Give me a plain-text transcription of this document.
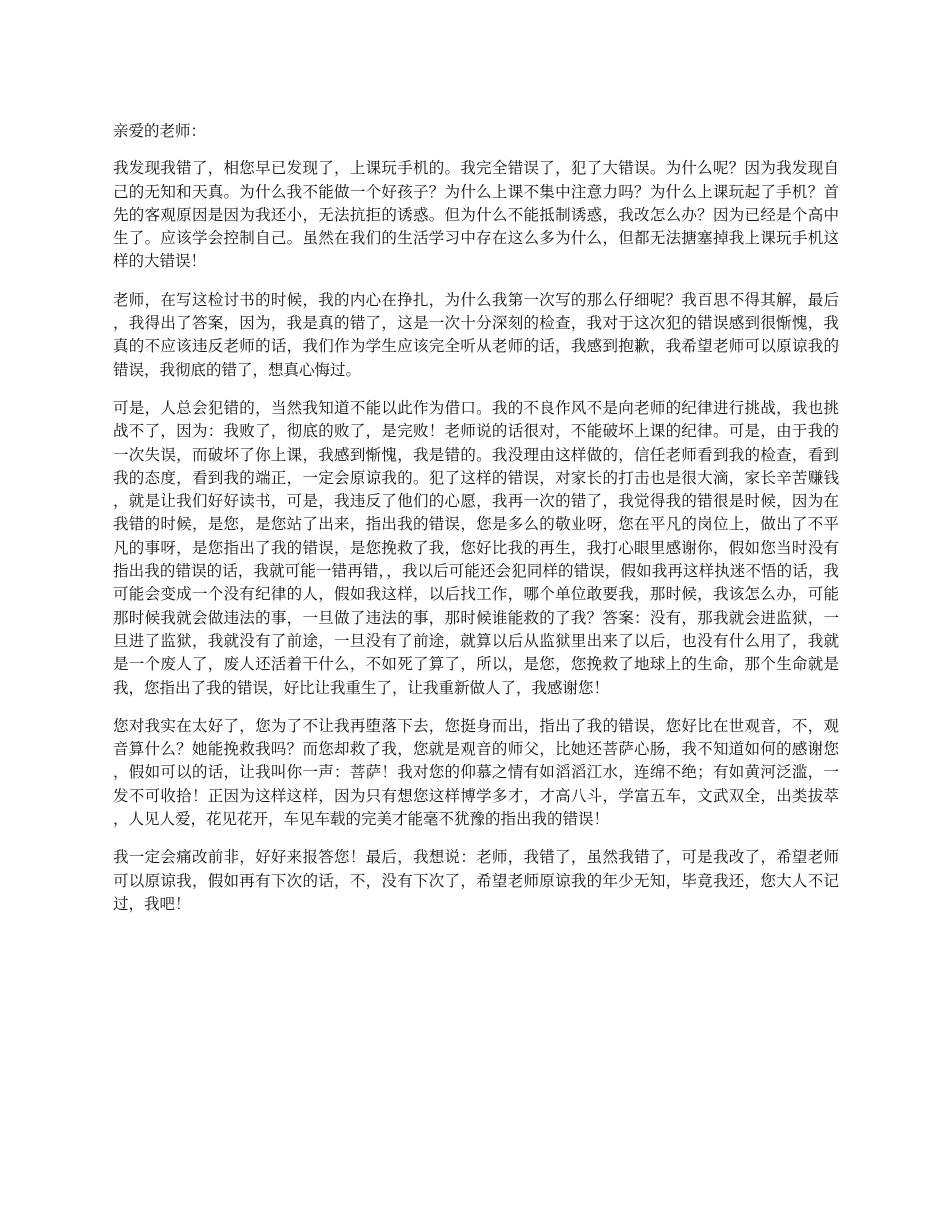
亲爱的老师：

我发现我错了，相您早已发现了，上课玩手机的。我完全错误了，犯了大错误。为什么呢？因为我发现自己的无知和天真。为什么我不能做一个好孩子？为什么上课不集中注意力吗？为什么上课玩起了手机？首先的客观原因是因为我还小，无法抗拒的诱惑。但为什么不能抵制诱惑，我改怎么办？因为已经是个高中生了。应该学会控制自己。虽然在我们的生活学习中存在这么多为什么，但都无法搪塞掉我上课玩手机这样的大错误！

老师，在写这检讨书的时候，我的内心在挣扎，为什么我第一次写的那么仔细呢？我百思不得其解，最后，我得出了答案，因为，我是真的错了，这是一次十分深刻的检查，我对于这次犯的错误感到很惭愧，我真的不应该违反老师的话，我们作为学生应该完全听从老师的话，我感到抱歉，我希望老师可以原谅我的错误，我彻底的错了，想真心悔过。

可是，人总会犯错的，当然我知道不能以此作为借口。我的不良作风不是向老师的纪律进行挑战，我也挑战不了，因为：我败了，彻底的败了，是完败！老师说的话很对，不能破坏上课的纪律。可是，由于我的一次失误，而破坏了你上课，我感到惭愧，我是错的。我没理由这样做的，信任老师看到我的检查，看到我的态度，看到我的端正，一定会原谅我的。犯了这样的错误，对家长的打击也是很大滴，家长辛苦赚钱，就是让我们好好读书，可是，我违反了他们的心愿，我再一次的错了，我觉得我的错很是时候，因为在我错的时候，是您，是您站了出来，指出我的错误，您是多么的敬业呀，您在平凡的岗位上，做出了不平凡的事呀，是您指出了我的错误，是您挽救了我，您好比我的再生，我打心眼里感谢你，假如您当时没有指出我的错误的话，我就可能一错再错，，我以后可能还会犯同样的错误，假如我再这样执迷不悟的话，我可能会变成一个没有纪律的人，假如我这样，以后找工作，哪个单位敢要我，那时候，我该怎么办，可能那时候我就会做违法的事，一旦做了违法的事，那时候谁能救的了我？答案：没有，那我就会进监狱，一旦进了监狱，我就没有了前途，一旦没有了前途，就算以后从监狱里出来了以后，也没有什么用了，我就是一个废人了，废人还活着干什么，不如死了算了，所以，是您，您挽救了地球上的生命，那个生命就是我，您指出了我的错误，好比让我重生了，让我重新做人了，我感谢您！

您对我实在太好了，您为了不让我再堕落下去，您挺身而出，指出了我的错误，您好比在世观音，不，观音算什么？她能挽救我吗？而您却救了我，您就是观音的师父，比她还菩萨心肠，我不知道如何的感谢您，假如可以的话，让我叫你一声：菩萨！我对您的仰慕之情有如滔滔江水，连绵不绝；有如黄河泛滥，一发不可收拾！正因为这样这样，因为只有想您这样博学多才，才高八斗，学富五车，文武双全，出类拔萃，人见人爱，花见花开，车见车载的完美才能毫不犹豫的指出我的错误！

我一定会痛改前非，好好来报答您！最后，我想说：老师，我错了，虽然我错了，可是我改了，希望老师可以原谅我，假如再有下次的话，不，没有下次了，希望老师原谅我的年少无知，毕竟我还，您大人不记过，我吧！
